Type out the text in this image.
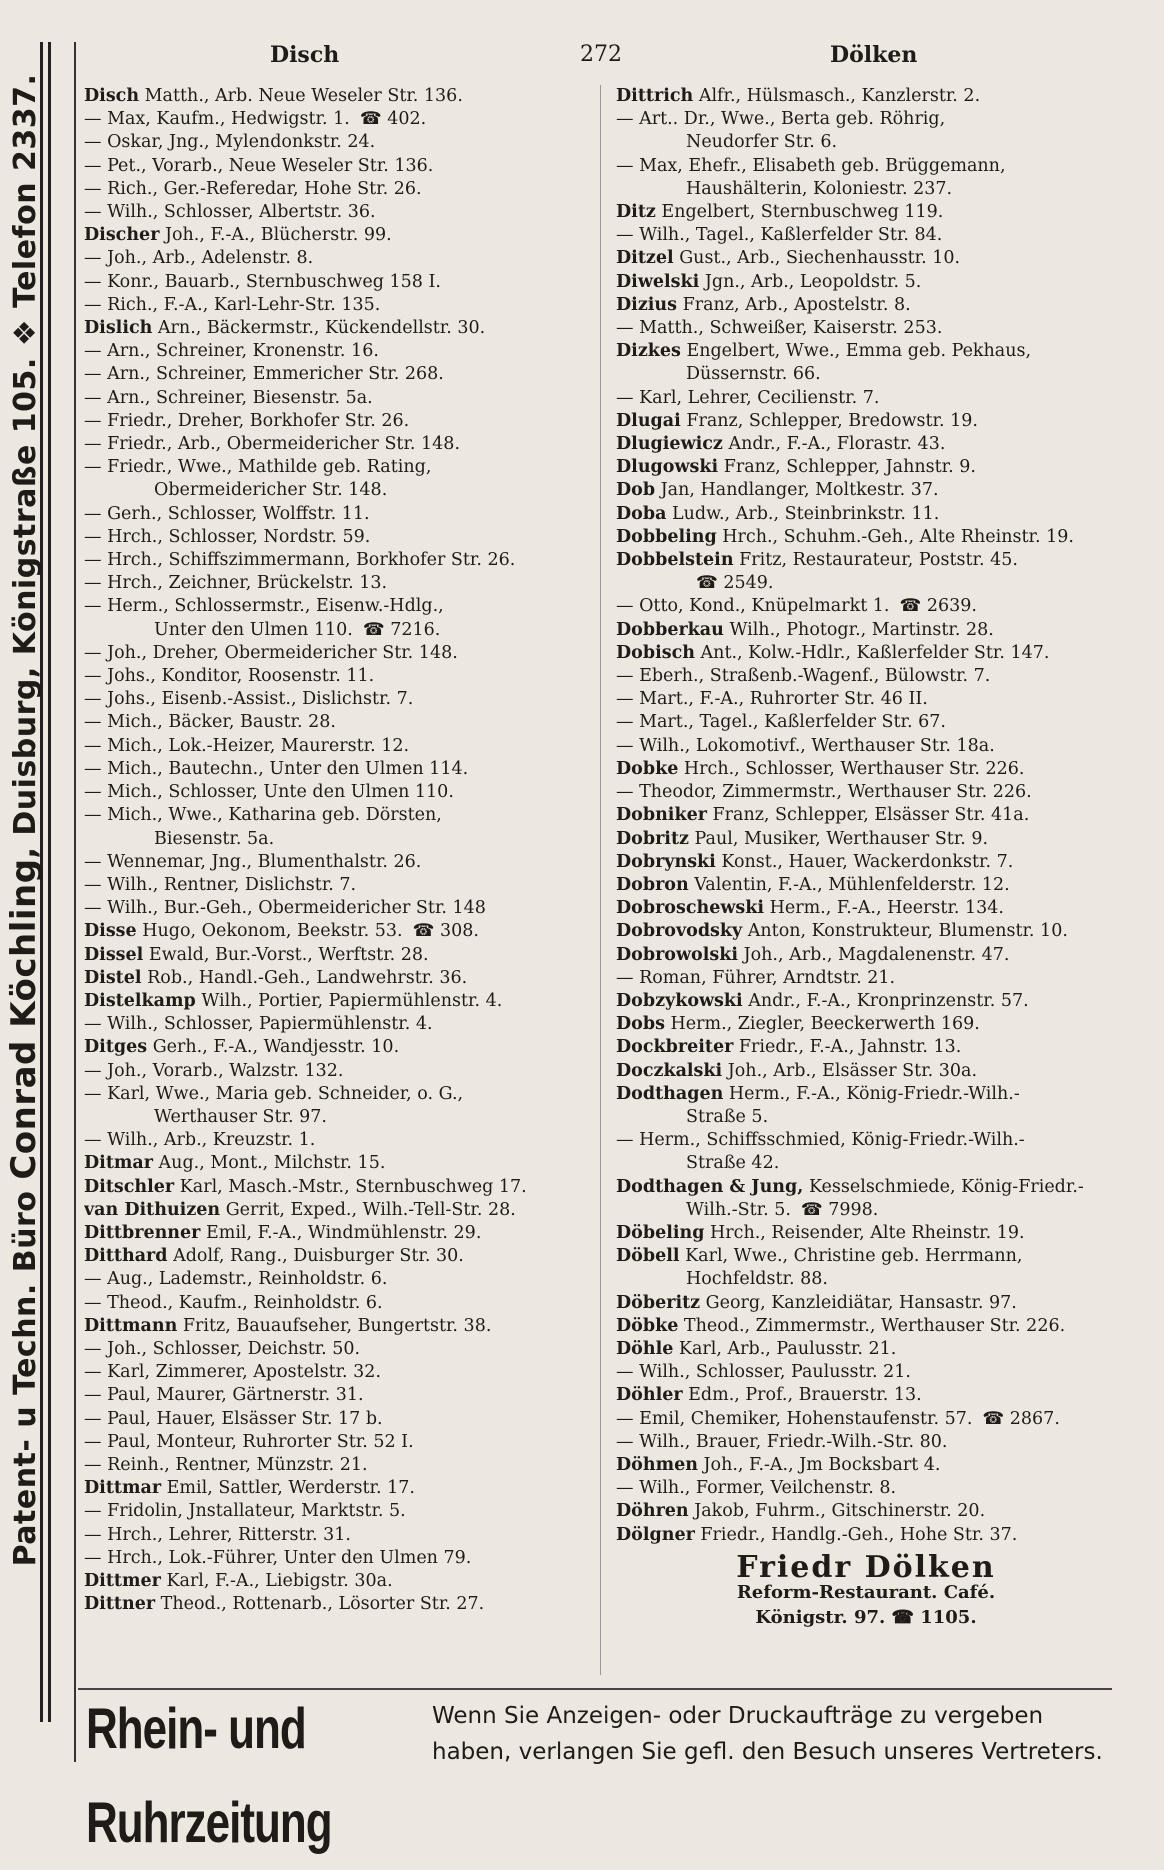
Patent- u Techn. Büro Conrad Köchling, Duisburg, Königstraße 105. ❖ Telefon 2337.
Disch	272	Dölken
Disch Matth., Arb. Neue Weseler Str. 136.
— Max, Kaufm., Hedwigstr. 1. ☎ 402.
— Oskar, Jng., Mylendonkstr. 24.
— Pet., Vorarb., Neue Weseler Str. 136.
— Rich., Ger.-Referedar, Hohe Str. 26.
— Wilh., Schlosser, Albertstr. 36.
Discher Joh., F.-A., Blücherstr. 99.
— Joh., Arb., Adelenstr. 8.
— Konr., Bauarb., Sternbuschweg 158 I.
— Rich., F.-A., Karl-Lehr-Str. 135.
Dislich Arn., Bäckermstr., Kückendellstr. 30.
— Arn., Schreiner, Kronenstr. 16.
— Arn., Schreiner, Emmericher Str. 268.
— Arn., Schreiner, Biesenstr. 5a.
— Friedr., Dreher, Borkhofer Str. 26.
— Friedr., Arb., Obermeidericher Str. 148.
— Friedr., Wwe., Mathilde geb. Rating,
Obermeidericher Str. 148.
— Gerh., Schlosser, Wolffstr. 11.
— Hrch., Schlosser, Nordstr. 59.
— Hrch., Schiffszimmermann, Borkhofer Str. 26.
— Hrch., Zeichner, Brückelstr. 13.
— Herm., Schlossermstr., Eisenw.-Hdlg.,
Unter den Ulmen 110. ☎ 7216.
— Joh., Dreher, Obermeidericher Str. 148.
— Johs., Konditor, Roosenstr. 11.
— Johs., Eisenb.-Assist., Dislichstr. 7.
— Mich., Bäcker, Baustr. 28.
— Mich., Lok.-Heizer, Maurerstr. 12.
— Mich., Bautechn., Unter den Ulmen 114.
— Mich., Schlosser, Unte den Ulmen 110.
— Mich., Wwe., Katharina geb. Dörsten,
Biesenstr. 5a.
— Wennemar, Jng., Blumenthalstr. 26.
— Wilh., Rentner, Dislichstr. 7.
— Wilh., Bur.-Geh., Obermeidericher Str. 148
Disse Hugo, Oekonom, Beekstr. 53. ☎ 308.
Dissel Ewald, Bur.-Vorst., Werftstr. 28.
Distel Rob., Handl.-Geh., Landwehrstr. 36.
Distelkamp Wilh., Portier, Papiermühlenstr. 4.
— Wilh., Schlosser, Papiermühlenstr. 4.
Ditges Gerh., F.-A., Wandjesstr. 10.
— Joh., Vorarb., Walzstr. 132.
— Karl, Wwe., Maria geb. Schneider, o. G.,
Werthauser Str. 97.
— Wilh., Arb., Kreuzstr. 1.
Ditmar Aug., Mont., Milchstr. 15.
Ditschler Karl, Masch.-Mstr., Sternbuschweg 17.
van Dithuizen Gerrit, Exped., Wilh.-Tell-Str. 28.
Dittbrenner Emil, F.-A., Windmühlenstr. 29.
Ditthard Adolf, Rang., Duisburger Str. 30.
— Aug., Lademstr., Reinholdstr. 6.
— Theod., Kaufm., Reinholdstr. 6.
Dittmann Fritz, Bauaufseher, Bungertstr. 38.
— Joh., Schlosser, Deichstr. 50.
— Karl, Zimmerer, Apostelstr. 32.
— Paul, Maurer, Gärtnerstr. 31.
— Paul, Hauer, Elsässer Str. 17 b.
— Paul, Monteur, Ruhrorter Str. 52 I.
— Reinh., Rentner, Münzstr. 21.
Dittmar Emil, Sattler, Werderstr. 17.
— Fridolin, Jnstallateur, Marktstr. 5.
— Hrch., Lehrer, Ritterstr. 31.
— Hrch., Lok.-Führer, Unter den Ulmen 79.
Dittmer Karl, F.-A., Liebigstr. 30a.
Dittner Theod., Rottenarb., Lösorter Str. 27.
Dittrich Alfr., Hülsmasch., Kanzlerstr. 2.
— Art.. Dr., Wwe., Berta geb. Röhrig,
Neudorfer Str. 6.
— Max, Ehefr., Elisabeth geb. Brüggemann,
Haushälterin, Koloniestr. 237.
Ditz Engelbert, Sternbuschweg 119.
— Wilh., Tagel., Kaßlerfelder Str. 84.
Ditzel Gust., Arb., Siechenhausstr. 10.
Diwelski Jgn., Arb., Leopoldstr. 5.
Dizius Franz, Arb., Apostelstr. 8.
— Matth., Schweißer, Kaiserstr. 253.
Dizkes Engelbert, Wwe., Emma geb. Pekhaus,
Düssernstr. 66.
— Karl, Lehrer, Cecilienstr. 7.
Dlugai Franz, Schlepper, Bredowstr. 19.
Dlugiewicz Andr., F.-A., Florastr. 43.
Dlugowski Franz, Schlepper, Jahnstr. 9.
Dob Jan, Handlanger, Moltkestr. 37.
Doba Ludw., Arb., Steinbrinkstr. 11.
Dobbeling Hrch., Schuhm.-Geh., Alte Rheinstr. 19.
Dobbelstein Fritz, Restaurateur, Poststr. 45.
☎ 2549.
— Otto, Kond., Knüpelmarkt 1. ☎ 2639.
Dobberkau Wilh., Photogr., Martinstr. 28.
Dobisch Ant., Kolw.-Hdlr., Kaßlerfelder Str. 147.
— Eberh., Straßenb.-Wagenf., Bülowstr. 7.
— Mart., F.-A., Ruhrorter Str. 46 II.
— Mart., Tagel., Kaßlerfelder Str. 67.
— Wilh., Lokomotivf., Werthauser Str. 18a.
Dobke Hrch., Schlosser, Werthauser Str. 226.
— Theodor, Zimmermstr., Werthauser Str. 226.
Dobniker Franz, Schlepper, Elsässer Str. 41a.
Dobritz Paul, Musiker, Werthauser Str. 9.
Dobrynski Konst., Hauer, Wackerdonkstr. 7.
Dobron Valentin, F.-A., Mühlenfelderstr. 12.
Dobroschewski Herm., F.-A., Heerstr. 134.
Dobrovodsky Anton, Konstrukteur, Blumenstr. 10.
Dobrowolski Joh., Arb., Magdalenenstr. 47.
— Roman, Führer, Arndtstr. 21.
Dobzykowski Andr., F.-A., Kronprinzenstr. 57.
Dobs Herm., Ziegler, Beeckerwerth 169.
Dockbreiter Friedr., F.-A., Jahnstr. 13.
Doczkalski Joh., Arb., Elsässer Str. 30a.
Dodthagen Herm., F.-A., König-Friedr.-Wilh.-
Straße 5.
— Herm., Schiffsschmied, König-Friedr.-Wilh.-
Straße 42.
Dodthagen & Jung, Kesselschmiede, König-Friedr.-
Wilh.-Str. 5. ☎ 7998.
Döbeling Hrch., Reisender, Alte Rheinstr. 19.
Döbell Karl, Wwe., Christine geb. Herrmann,
Hochfeldstr. 88.
Döberitz Georg, Kanzleidiätar, Hansastr. 97.
Döbke Theod., Zimmermstr., Werthauser Str. 226.
Döhle Karl, Arb., Paulusstr. 21.
— Wilh., Schlosser, Paulusstr. 21.
Döhler Edm., Prof., Brauerstr. 13.
— Emil, Chemiker, Hohenstaufenstr. 57. ☎ 2867.
— Wilh., Brauer, Friedr.-Wilh.-Str. 80.
Döhmen Joh., F.-A., Jm Bocksbart 4.
— Wilh., Former, Veilchenstr. 8.
Döhren Jakob, Fuhrm., Gitschinerstr. 20.
Dölgner Friedr., Handlg.-Geh., Hohe Str. 37.
Friedr Dölken
Reform-Restaurant. Café.
Königstr. 97. ☎ 1105.
Rhein- und Ruhrzeitung
Wenn Sie Anzeigen- oder Druckaufträge zu vergeben
haben, verlangen Sie gefl. den Besuch unseres Vertreters.
